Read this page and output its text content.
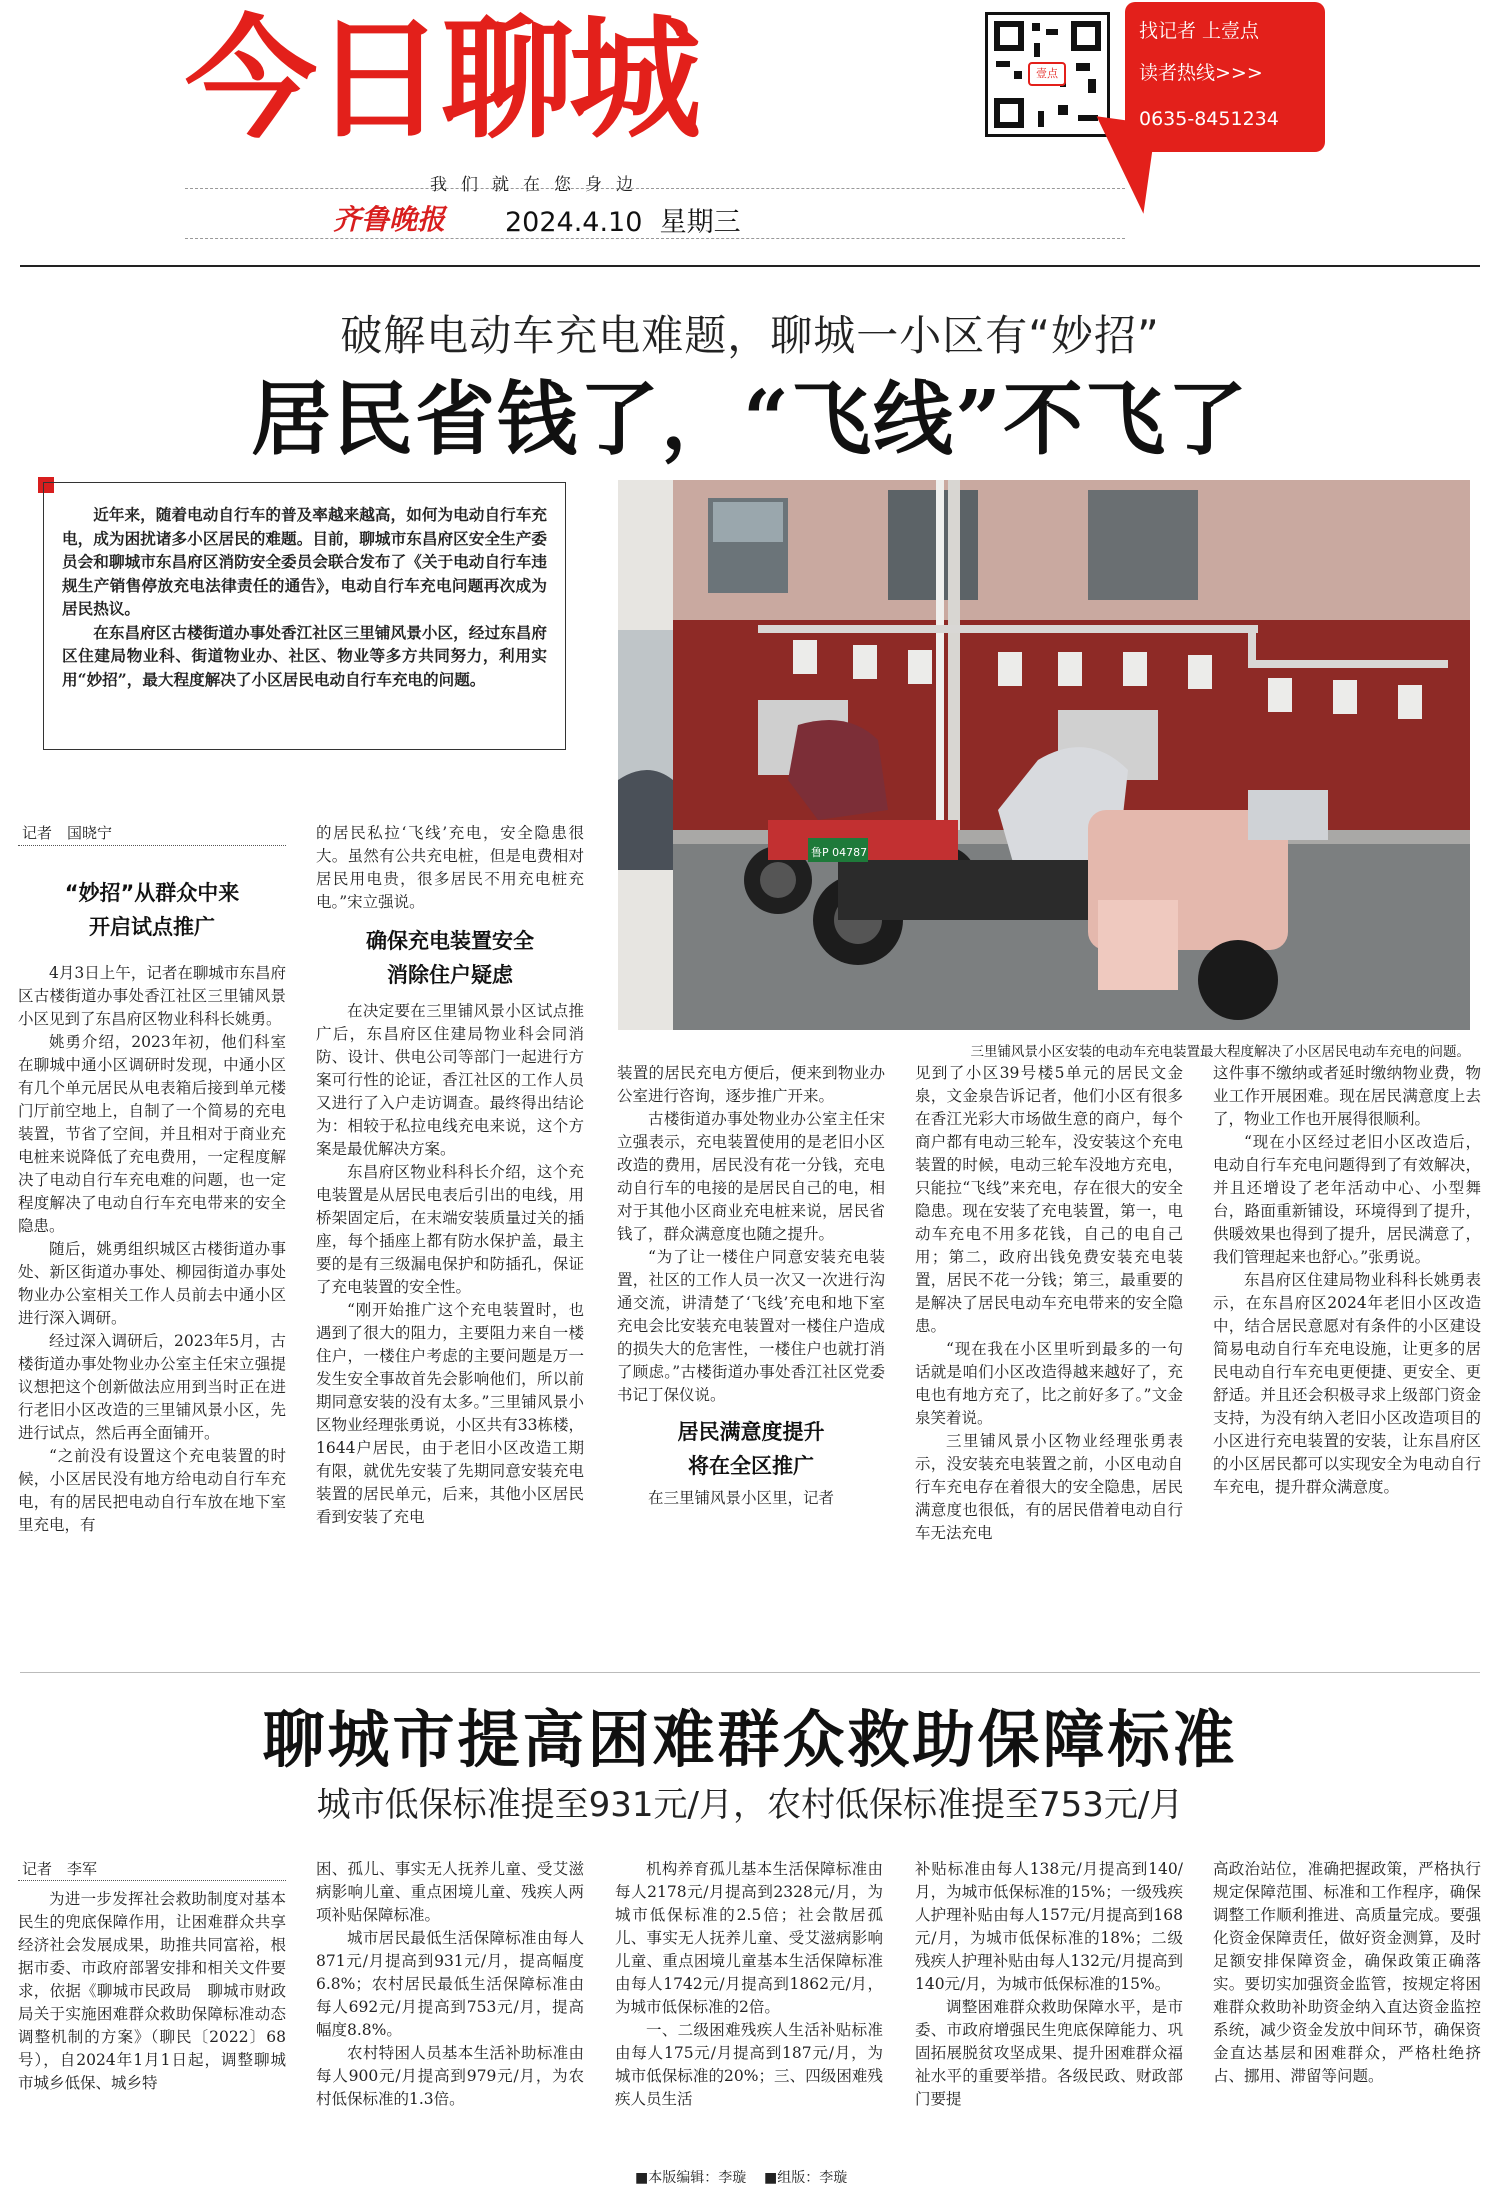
今日聊城	壹点
找记者 上壹点
读者热线>>>
0635-8451234
我们就在您身边
齐鲁晚报 2024.4.10 星期三
破解电动车充电难题，聊城一小区有“妙招”
居民省钱了，“飞线”不飞了

近年来，随着电动自行车的普及率越来越高，如何为电动自行车充电，成为困扰诸多小区居民的难题。目前，聊城市东昌府区安全生产委员会和聊城市东昌府区消防安全委员会联合发布了《关于电动自行车违规生产销售停放充电法律责任的通告》，电动自行车充电问题再次成为居民热议。

在东昌府区古楼街道办事处香江社区三里铺风景小区，经过东昌府区住建局物业科、街道物业办、社区、物业等多方共同努力，利用实用“妙招”，最大程度解决了小区居民电动自行车充电的问题。

鲁P 04787
三里铺风景小区安装的电动车充电装置最大程度解决了小区居民电动车充电的问题。
记者　国晓宁
“妙招”从群众中来
开启试点推广

4月3日上午，记者在聊城市东昌府区古楼街道办事处香江社区三里铺风景小区见到了东昌府区物业科科长姚勇。

姚勇介绍，2023年初，他们科室在聊城中通小区调研时发现，中通小区有几个单元居民从电表箱后接到单元楼门厅前空地上，自制了一个简易的充电装置，节省了空间，并且相对于商业充电桩来说降低了充电费用，一定程度解决了电动自行车充电难的问题，也一定程度解决了电动自行车充电带来的安全隐患。

随后，姚勇组织城区古楼街道办事处、新区街道办事处、柳园街道办事处物业办公室相关工作人员前去中通小区进行深入调研。

经过深入调研后，2023年5月，古楼街道办事处物业办公室主任宋立强提议想把这个创新做法应用到当时正在进行老旧小区改造的三里铺风景小区，先进行试点，然后再全面铺开。

“之前没有设置这个充电装置的时候，小区居民没有地方给电动自行车充电，有的居民把电动自行车放在地下室里充电，有

的居民私拉‘飞线’充电，安全隐患很大。虽然有公共充电桩，但是电费相对居民用电贵，很多居民不用充电桩充电。”宋立强说。
确保充电装置安全
消除住户疑虑

在决定要在三里铺风景小区试点推广后，东昌府区住建局物业科会同消防、设计、供电公司等部门一起进行方案可行性的论证，香江社区的工作人员又进行了入户走访调查。最终得出结论为：相较于私拉电线充电来说，这个方案是最优解决方案。

东昌府区物业科科长介绍，这个充电装置是从居民电表后引出的电线，用桥架固定后，在末端安装质量过关的插座，每个插座上都有防水保护盖，最主要的是有三级漏电保护和防插孔，保证了充电装置的安全性。

“刚开始推广这个充电装置时，也遇到了很大的阻力，主要阻力来自一楼住户，一楼住户考虑的主要问题是万一发生安全事故首先会影响他们，所以前期同意安装的没有太多。”三里铺风景小区物业经理张勇说，小区共有33栋楼，1644户居民，由于老旧小区改造工期有限，就优先安装了先期同意安装充电装置的居民单元，后来，其他小区居民看到安装了充电

装置的居民充电方便后，便来到物业办公室进行咨询，逐步推广开来。

古楼街道办事处物业办公室主任宋立强表示，充电装置使用的是老旧小区改造的费用，居民没有花一分钱，充电动自行车的电接的是居民自己的电，相对于其他小区商业充电桩来说，居民省钱了，群众满意度也随之提升。

“为了让一楼住户同意安装充电装置，社区的工作人员一次又一次进行沟通交流，讲清楚了‘飞线’充电和地下室充电会比安装充电装置对一楼住户造成的损失大的危害性，一楼住户也就打消了顾虑。”古楼街道办事处香江社区党委书记丁保仪说。

居民满意度提升
将在全区推广

在三里铺风景小区里，记者

见到了小区39号楼5单元的居民文金泉，文金泉告诉记者，他们小区有很多在香江光彩大市场做生意的商户，每个商户都有电动三轮车，没安装这个充电装置的时候，电动三轮车没地方充电，只能拉“飞线”来充电，存在很大的安全隐患。现在安装了充电装置，第一，电动车充电不用多花钱，自己的电自己用；第二，政府出钱免费安装充电装置，居民不花一分钱；第三，最重要的是解决了居民电动车充电带来的安全隐患。

“现在我在小区里听到最多的一句话就是咱们小区改造得越来越好了，充电也有地方充了，比之前好多了。”文金泉笑着说。

三里铺风景小区物业经理张勇表示，没安装充电装置之前，小区电动自行车充电存在着很大的安全隐患，居民满意度也很低，有的居民借着电动自行车无法充电

这件事不缴纳或者延时缴纳物业费，物业工作开展困难。现在居民满意度上去了，物业工作也开展得很顺利。

“现在小区经过老旧小区改造后，电动自行车充电问题得到了有效解决，并且还增设了老年活动中心、小型舞台，路面重新铺设，环境得到了提升，供暖效果也得到了提升，居民满意了，我们管理起来也舒心。”张勇说。

东昌府区住建局物业科科长姚勇表示，在东昌府区2024年老旧小区改造中，结合居民意愿对有条件的小区建设简易电动自行车充电设施，让更多的居民电动自行车充电更便捷、更安全、更舒适。并且还会积极寻求上级部门资金支持，为没有纳入老旧小区改造项目的小区进行充电装置的安装，让东昌府区的小区居民都可以实现安全为电动自行车充电，提升群众满意度。

聊城市提高困难群众救助保障标准
城市低保标准提至931元/月，农村低保标准提至753元/月
记者　李军

为进一步发挥社会救助制度对基本民生的兜底保障作用，让困难群众共享经济社会发展成果，助推共同富裕，根据市委、市政府部署安排和相关文件要求，依据《聊城市民政局　聊城市财政局关于实施困难群众救助保障标准动态调整机制的方案》（聊民〔2022〕68号），自2024年1月1日起，调整聊城市城乡低保、城乡特

困、孤儿、事实无人抚养儿童、受艾滋病影响儿童、重点困境儿童、残疾人两项补贴保障标准。

城市居民最低生活保障标准由每人871元/月提高到931元/月，提高幅度6.8%；农村居民最低生活保障标准由每人692元/月提高到753元/月，提高幅度8.8%。

农村特困人员基本生活补助标准由每人900元/月提高到979元/月，为农村低保标准的1.3倍。

机构养育孤儿基本生活保障标准由每人2178元/月提高到2328元/月，为城市低保标准的2.5倍；社会散居孤儿、事实无人抚养儿童、受艾滋病影响儿童、重点困境儿童基本生活保障标准由每人1742元/月提高到1862元/月，为城市低保标准的2倍。

一、二级困难残疾人生活补贴标准由每人175元/月提高到187元/月，为城市低保标准的20%；三、四级困难残疾人员生活

补贴标准由每人138元/月提高到140/月，为城市低保标准的15%；一级残疾人护理补贴由每人157元/月提高到168元/月，为城市低保标准的18%；二级残疾人护理补贴由每人132元/月提高到140元/月，为城市低保标准的15%。

调整困难群众救助保障水平，是市委、市政府增强民生兜底保障能力、巩固拓展脱贫攻坚成果、提升困难群众福祉水平的重要举措。各级民政、财政部门要提

高政治站位，准确把握政策，严格执行规定保障范围、标准和工作程序，确保调整工作顺利推进、高质量完成。要强化资金保障责任，做好资金测算，及时足额安排保障资金，确保政策正确落实。要切实加强资金监管，按规定将困难群众救助补助资金纳入直达资金监控系统，减少资金发放中间环节，确保资金直达基层和困难群众，严格杜绝挤占、挪用、滞留等问题。
■本版编辑：李璇 ■组版：李璇
